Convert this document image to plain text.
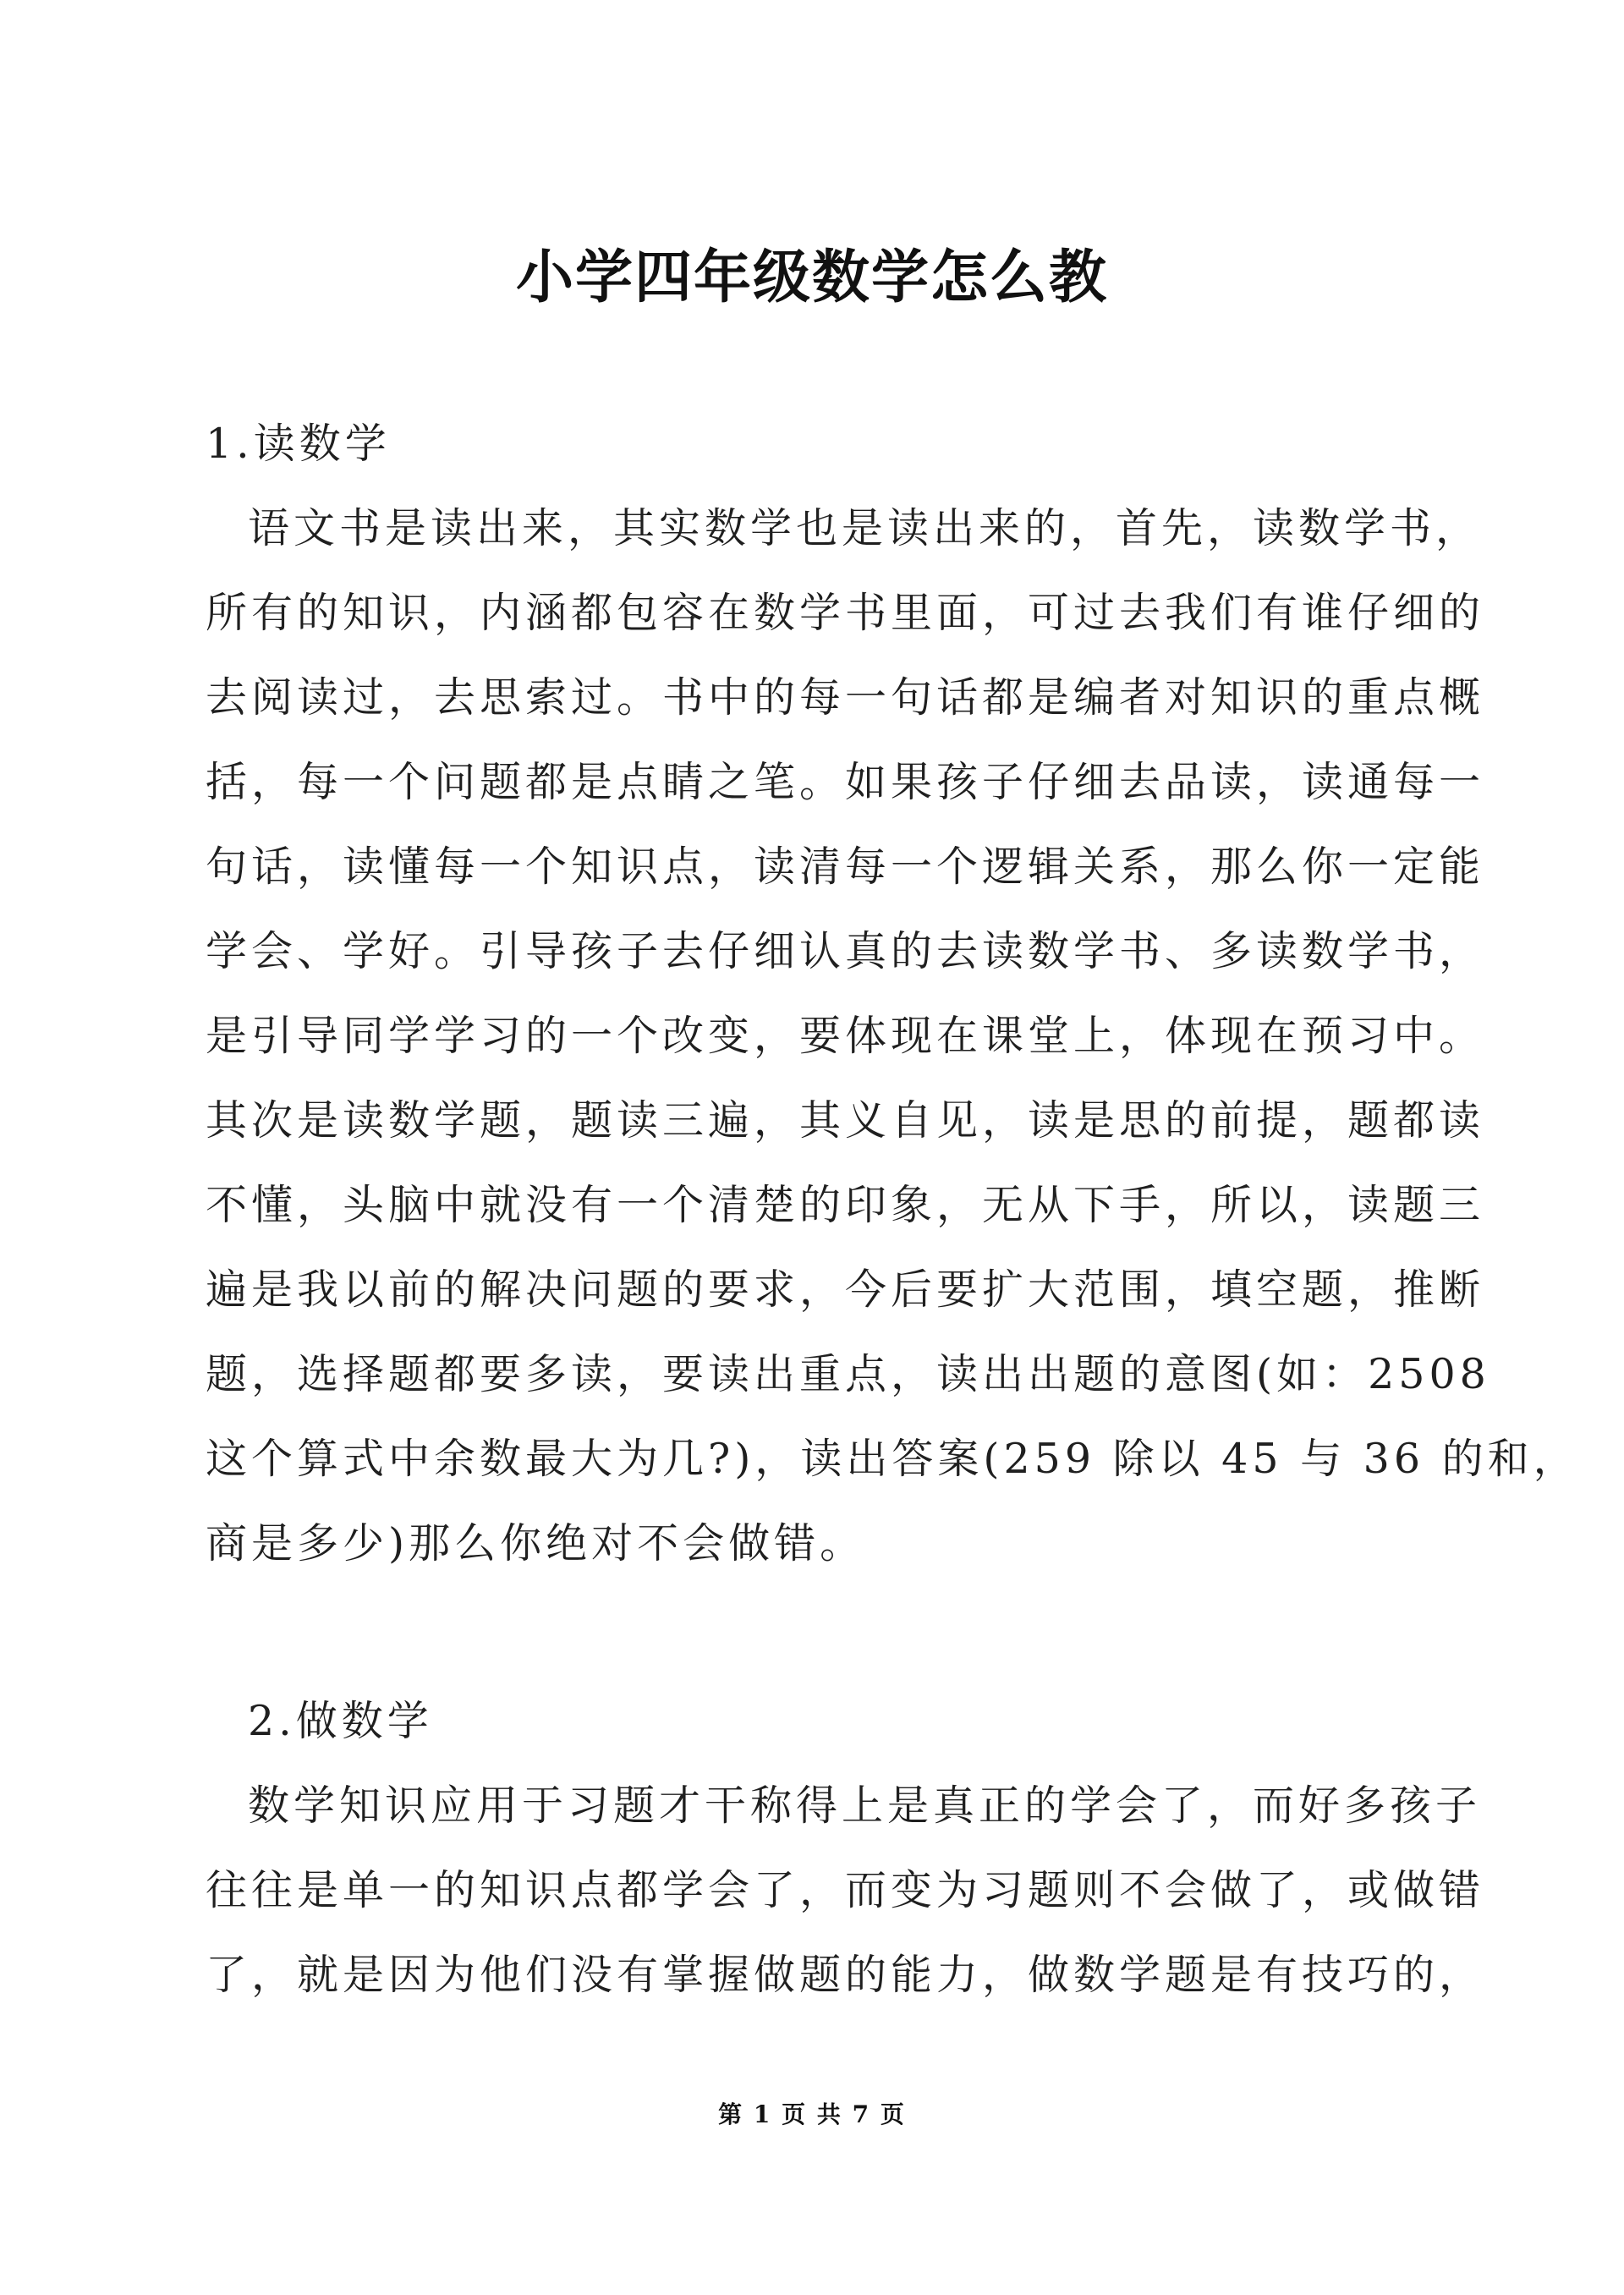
小学四年级数学怎么教

1.读数学

语文书是读出来，其实数学也是读出来的，首先，读数学书，

所有的知识，内涵都包容在数学书里面，可过去我们有谁仔细的

去阅读过，去思索过。书中的每一句话都是编者对知识的重点概

括，每一个问题都是点睛之笔。如果孩子仔细去品读，读通每一

句话，读懂每一个知识点，读清每一个逻辑关系，那么你一定能

学会、学好。引导孩子去仔细认真的去读数学书、多读数学书，

是引导同学学习的一个改变，要体现在课堂上，体现在预习中。

其次是读数学题，题读三遍，其义自见，读是思的前提，题都读

不懂，头脑中就没有一个清楚的印象，无从下手，所以，读题三

遍是我以前的解决问题的要求，今后要扩大范围，填空题，推断

题，选择题都要多读，要读出重点，读出出题的意图(如：2508

这个算式中余数最大为几?)，读出答案(259 除以 45 与 36 的和，

商是多少)那么你绝对不会做错。

2.做数学

数学知识应用于习题才干称得上是真正的学会了，而好多孩子

往往是单一的知识点都学会了，而变为习题则不会做了，或做错

了，就是因为他们没有掌握做题的能力，做数学题是有技巧的，

第 1 页 共 7 页
